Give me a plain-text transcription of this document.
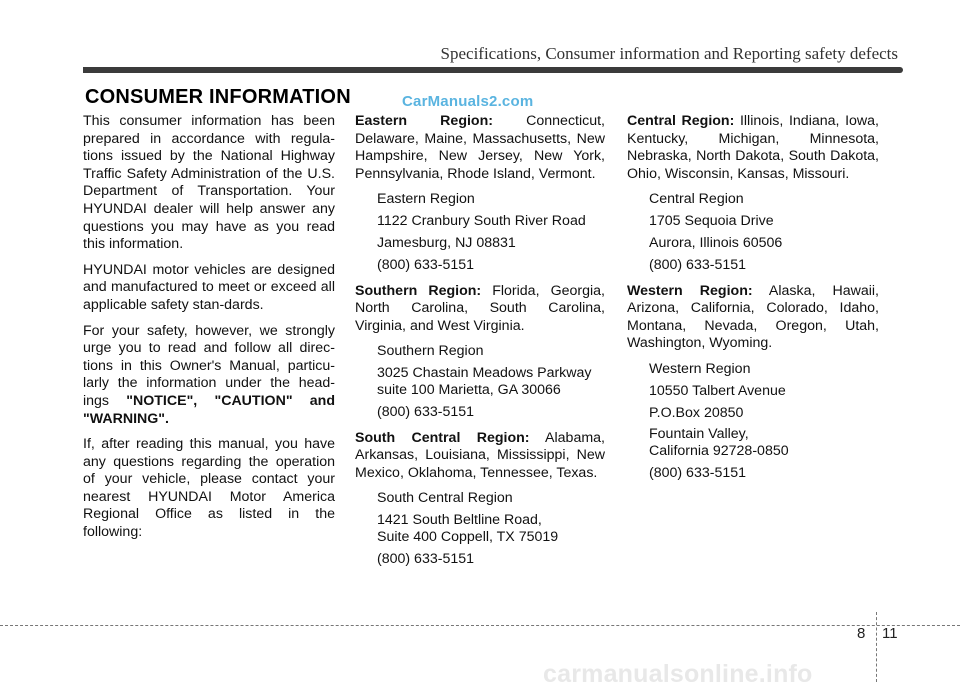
Specifications, Consumer information and Reporting safety defects
CONSUMER INFORMATION	CarManuals2.com

This consumer information has been prepared in accordance with regula-tions issued by the National Highway Traffic Safety Administration of the U.S. Department of Transportation. Your HYUNDAI dealer will help answer any questions you may have as you read this information.

HYUNDAI motor vehicles are designed and manufactured to meet or exceed all applicable safety stan-dards.

For your safety, however, we strongly urge you to read and follow all direc-tions in this Owner's Manual, particu-larly the information under the head-ings "NOTICE", "CAUTION" and "WARNING".

If, after reading this manual, you have any questions regarding the operation of your vehicle, please contact your nearest HYUNDAI Motor America Regional Office as listed in the following:

Eastern Region: Connecticut, Delaware, Maine, Massachusetts, New Hampshire, New Jersey, New York, Pennsylvania, Rhode Island, Vermont.

Eastern Region

1122 Cranbury South River Road

Jamesburg, NJ 08831

(800) 633-5151

Southern Region: Florida, Georgia, North Carolina, South Carolina, Virginia, and West Virginia.

Southern Region

3025 Chastain Meadows Parkway

suite 100 Marietta, GA 30066

(800) 633-5151

South Central Region: Alabama, Arkansas, Louisiana, Mississippi, New Mexico, Oklahoma, Tennessee, Texas.

South Central Region

1421 South Beltline Road,

Suite 400 Coppell, TX 75019

(800) 633-5151

Central Region: Illinois, Indiana, Iowa, Kentucky, Michigan, Minnesota, Nebraska, North Dakota, South Dakota, Ohio, Wisconsin, Kansas, Missouri.

Central Region

1705 Sequoia Drive

Aurora, Illinois 60506

(800) 633-5151

Western Region: Alaska, Hawaii, Arizona, California, Colorado, Idaho, Montana, Nevada, Oregon, Utah, Washington, Wyoming.

Western Region

10550 Talbert Avenue

P.O.Box 20850

Fountain Valley,

California 92728-0850

(800) 633-5151

8 11
carmanualsonline.info
